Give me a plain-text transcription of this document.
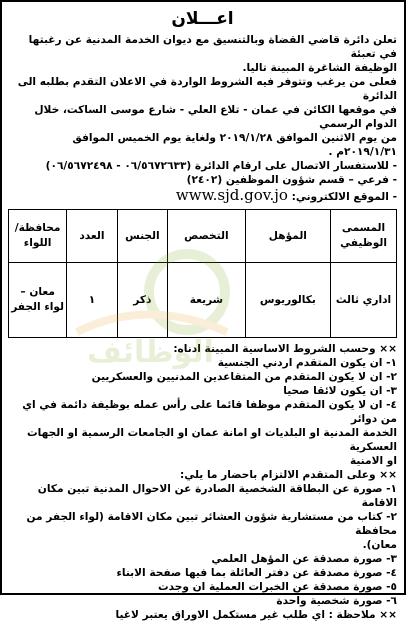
الوظائف
اعـــلان

تعلن دائرة قاضي القضاة وبالتنسيق مع ديوان الخدمة المدنية عن رغبتها في تعبئة

الوظيفة الشاغرة المبينة تاليا.

فعلى من يرغب وتتوفر فيه الشروط الواردة في الاعلان التقدم بطلبه الى الدائرة

في موقعها الكائن في عمان - تلاع العلي - شارع موسى الساكت، خلال الدوام الرسمي

من يوم الاثنين الموافق ٢٠١٩/١/٢٨ ولغاية يوم الخميس الموافق ٢٠١٩/١/٣١م .

- للاستفسار الاتصال على ارقام الدائرة (٠٦/٥٦٧٢٦٣٣ - ٠٦/٥٦٧٢٤٩٨)

- فرعي – قسم شؤون الموظفين (٢٤٠٢)

- الموقع الالكتروني: www.sjd.gov.jo

المسمى الوظيفي	المؤهل	التخصص	الجنس	العدد	محافظة/ اللواء
اداري ثالث	بكالوريوس	شريعة	ذكر	١	معان – لواء الجفر

×× وحسب الشروط الاساسية المبينة ادناه:

١- ان يكون المتقدم اردني الجنسية

٢- ان لا يكون المتقدم من المتقاعدين المدنيين والعسكريين

٣- ان يكون لائقا صحيا

٤- ان لا يكون المتقدم موظفا قائما على رأس عمله بوظيفة دائمة في اي من دوائر

الخدمة المدنية او البلديات او امانة عمان او الجامعات الرسمية او الجهات العسكرية

او الامنية

×× وعلى المتقدم الالتزام باحضار ما يلي:

١- صورة عن البطاقة الشخصية الصادرة عن الاحوال المدنية تبين مكان الاقامة

٢- كتاب من مستشارية شؤون العشائر تبين مكان الاقامة (لواء الجفر من محافظة

معان).

٣- صورة مصدقة عن المؤهل العلمي

٤- صورة مصدقة عن دفتر العائلة بما فيها صفحة الابناء

٥- صورة مصدقة عن الخبرات العملية ان وجدت

٦- صورة شخصية واحدة

×× ملاحظة : اي طلب غير مستكمل الاوراق يعتبر لاغيا
